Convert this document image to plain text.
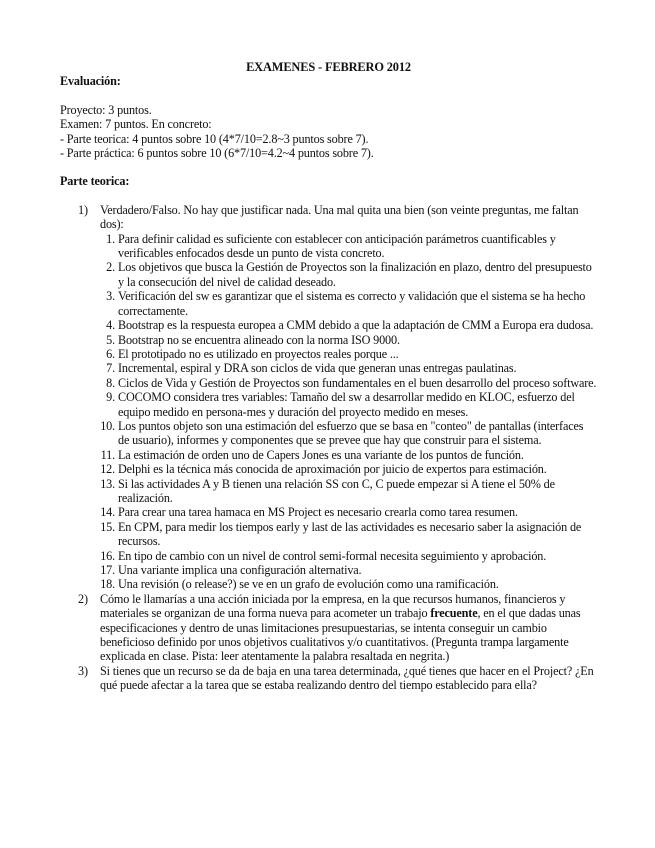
EXAMENES - FEBRERO 2012

Evaluación:

Proyecto: 3 puntos.

Examen: 7 puntos. En concreto:

- Parte teorica: 4 puntos sobre 10 (4*7/10=2.8~3 puntos sobre 7).

- Parte práctica: 6 puntos sobre 10 (6*7/10=4.2~4 puntos sobre 7).

Parte teorica:

1) Verdadero/Falso. No hay que justificar nada. Una mal quita una bien (son veinte preguntas, me faltan dos):
1. Para definir calidad es suficiente con establecer con anticipación parámetros cuantificables y verificables enfocados desde un punto de vista concreto.
2. Los objetivos que busca la Gestión de Proyectos son la finalización en plazo, dentro del presupuesto y la consecución del nivel de calidad deseado.
3. Verificación del sw es garantizar que el sistema es correcto y validación que el sistema se ha hecho correctamente.
4. Bootstrap es la respuesta europea a CMM debido a que la adaptación de CMM a Europa era dudosa.
5. Bootstrap no se encuentra alineado con la norma ISO 9000.
6. El prototipado no es utilizado en proyectos reales porque ...
7. Incremental, espiral y DRA son ciclos de vida que generan unas entregas paulatinas.
8. Ciclos de Vida y Gestión de Proyectos son fundamentales en el buen desarrollo del proceso software.
9. COCOMO considera tres variables: Tamaño del sw a desarrollar medido en KLOC, esfuerzo del equipo medido en persona-mes y duración del proyecto medido en meses.
10. Los puntos objeto son una estimación del esfuerzo que se basa en "conteo" de pantallas (interfaces de usuario), informes y componentes que se prevee que hay que construir para el sistema.
11. La estimación de orden uno de Capers Jones es una variante de los puntos de función.
12. Delphi es la técnica más conocida de aproximación por juicio de expertos para estimación.
13. Si las actividades A y B tienen una relación SS con C, C puede empezar si A tiene el 50% de realización.
14. Para crear una tarea hamaca en MS Project es necesario crearla como tarea resumen.
15. En CPM, para medir los tiempos early y last de las actividades es necesario saber la asignación de recursos.
16. En tipo de cambio con un nivel de control semi-formal necesita seguimiento y aprobación.
17. Una variante implica una configuración alternativa.
18. Una revisión (o release?) se ve en un grafo de evolución como una ramificación.
2) Cómo le llamarías a una acción iniciada por la empresa, en la que recursos humanos, financieros y materiales se organizan de una forma nueva para acometer un trabajo frecuente, en el que dadas unas especificaciones y dentro de unas limitaciones presupuestarias, se intenta conseguir un cambio beneficioso definido por unos objetivos cualitativos y/o cuantitativos. (Pregunta trampa largamente explicada en clase. Pista: leer atentamente la palabra resaltada en negrita.)
3) Si tienes que un recurso se da de baja en una tarea determinada, ¿qué tienes que hacer en el Project? ¿En qué puede afectar a la tarea que se estaba realizando dentro del tiempo establecido para ella?
